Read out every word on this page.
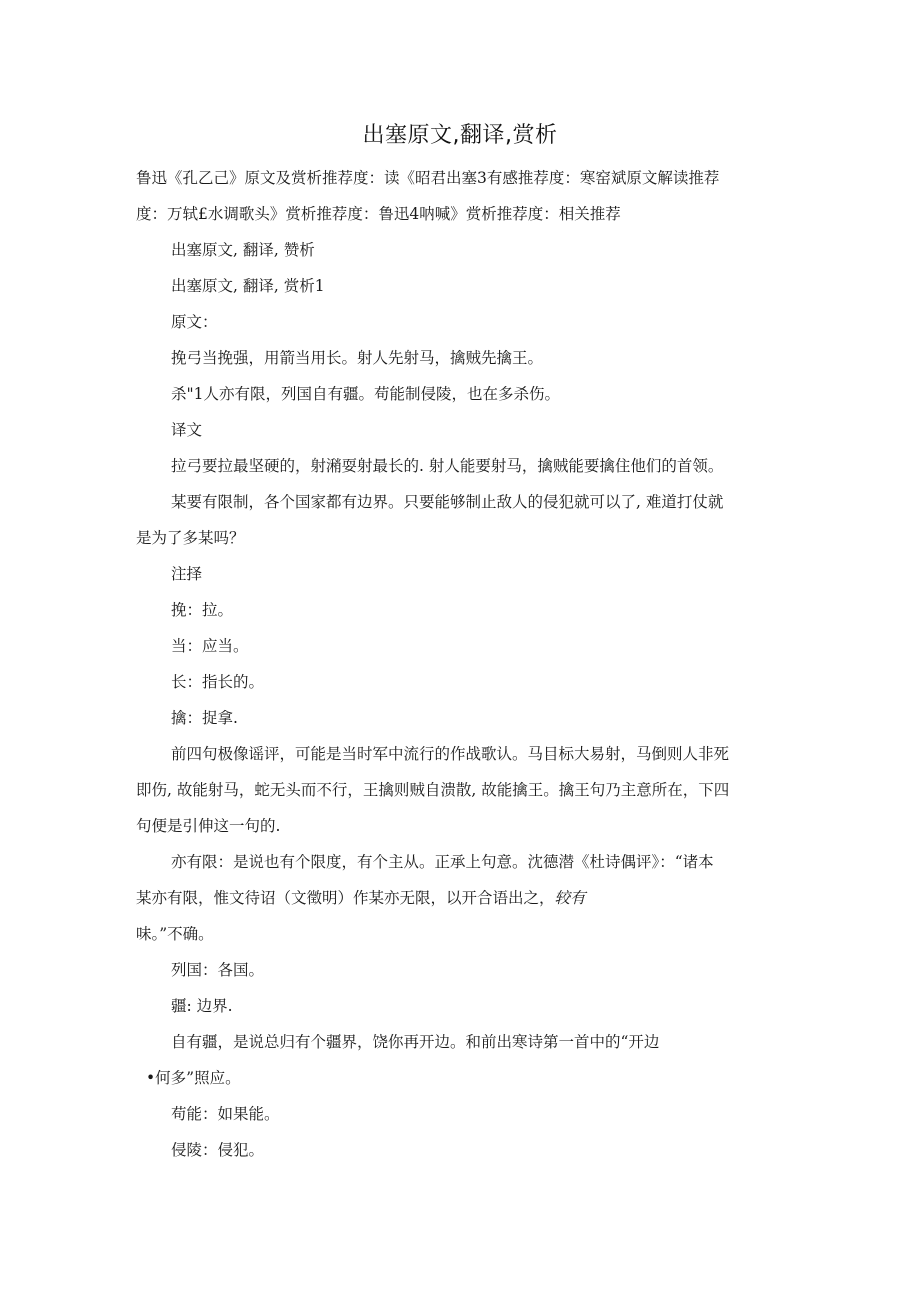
出塞原文,翻译,赏析
鲁迅《孔乙己》原文及赏析推荐度：读《昭君出塞3有感推荐度：寒窑斌原文解读推荐
度：万轼£水调歌头》赏析推荐度：鲁迅4呐喊》赏析推荐度：相关推荐
出塞原文, 翻译, 赞析
出塞原文, 翻译, 赏析1
原文：
挽弓当挽强，用箭当用长。射人先射马，擒贼先擒王。
杀"1人亦有限，列国自有疆。苟能制侵陵，也在多杀伤。
译文
拉弓要拉最坚硬的，射潲耍射最长的. 射人能要射马，擒贼能要擒住他们的首领。
某要有限制，各个国家都有边界。只要能够制止敌人的侵犯就可以了, 难道打仗就
是为了多某吗？
注择
挽：拉。
当：应当。
长：指长的。
擒：捉拿.
前四句极像谣评，可能是当时军中流行的作战歌认。马目标大易射，马倒则人非死
即伤, 故能射马，蛇无头而不行，王擒则贼自溃散, 故能擒王。擒王句乃主意所在，下四
句便是引伸这一句的.
亦有限：是说也有个限度，有个主从。正承上句意。沈德潜《杜诗偶评》：“诸本
某亦有限，惟文待诏（文徵明）作某亦无限，以开合语出之，较有
味。”不确。
列国：各国。
疆: 边界.
自有疆，是说总归有个疆界，饶你再开边。和前出寒诗第一首中的“开边
•何多”照应。
苟能：如果能。
侵陵：侵犯。
